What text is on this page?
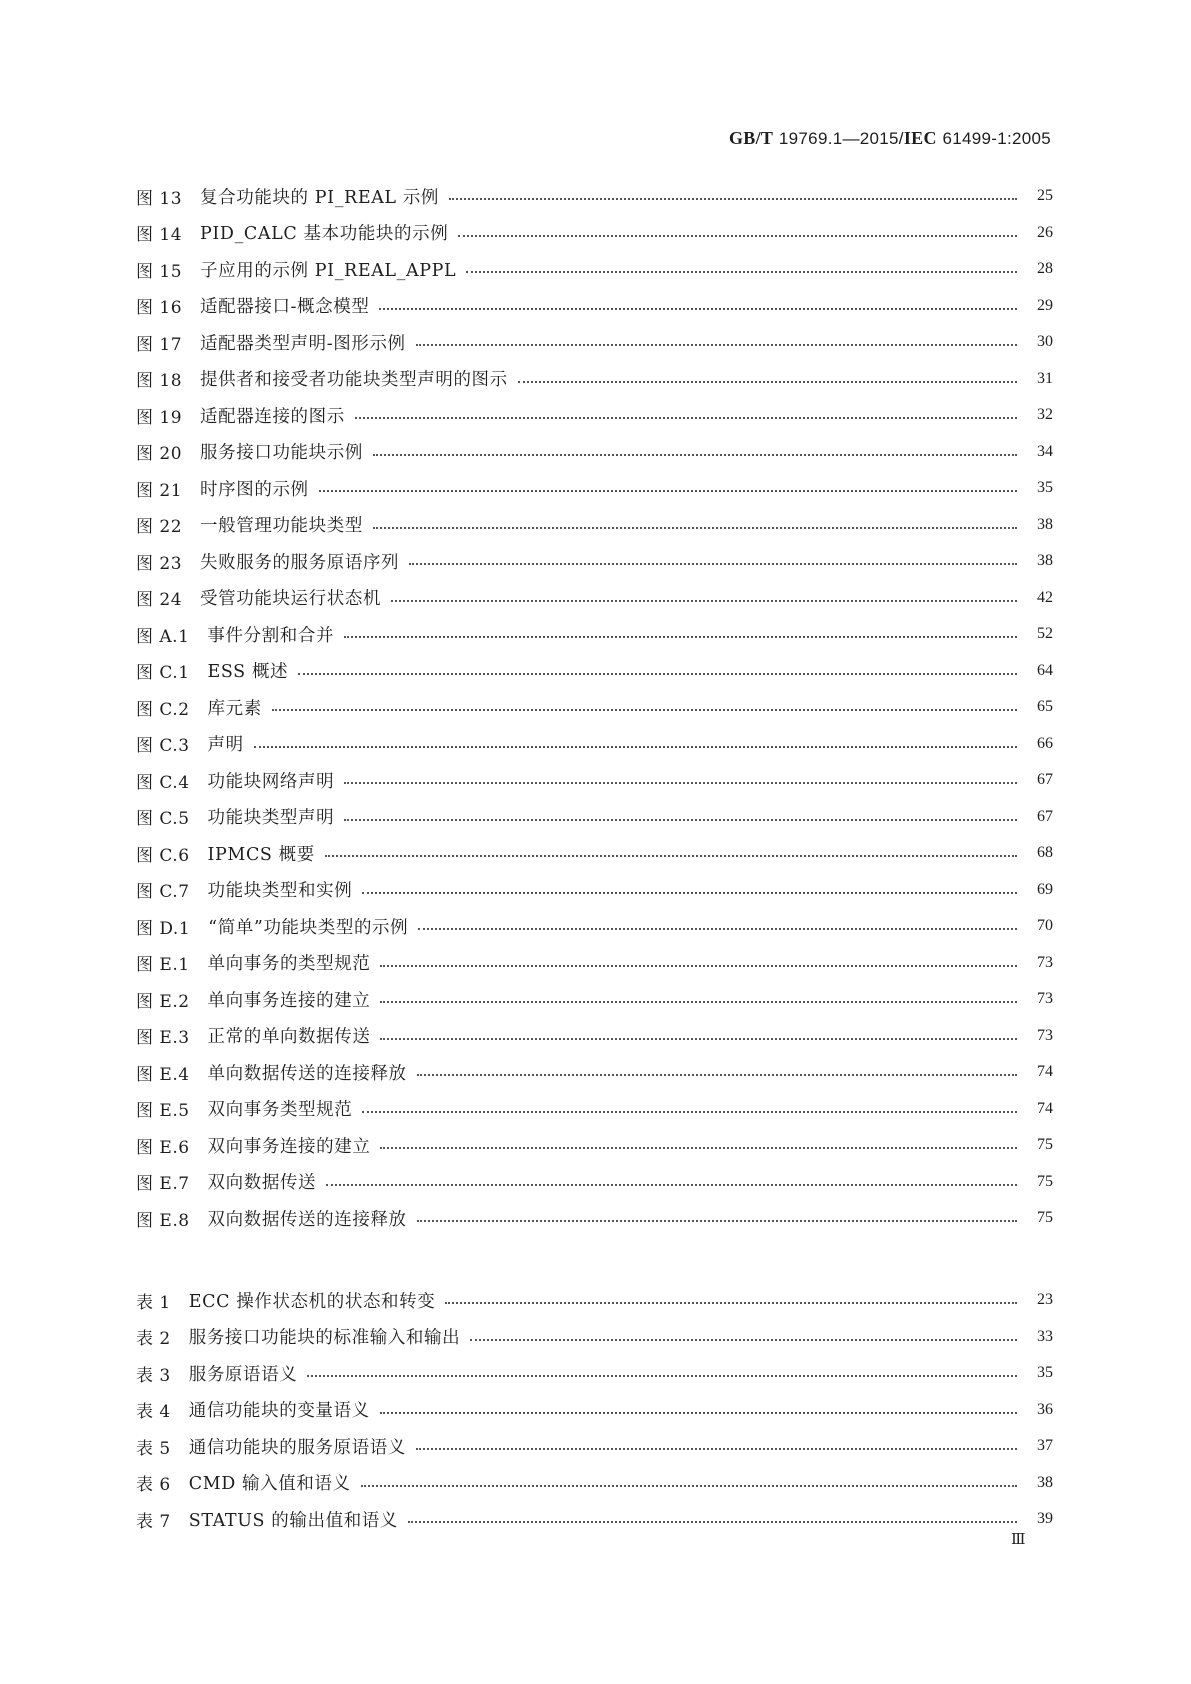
GB/T 19769.1—2015/IEC 61499-1:2005
图 13 复合功能块的 PI_REAL 示例	25
图 14 PID_CALC 基本功能块的示例	26
图 15 子应用的示例 PI_REAL_APPL	28
图 16 适配器接口-概念模型	29
图 17 适配器类型声明-图形示例	30
图 18 提供者和接受者功能块类型声明的图示	31
图 19 适配器连接的图示	32
图 20 服务接口功能块示例	34
图 21 时序图的示例	35
图 22 一般管理功能块类型	38
图 23 失败服务的服务原语序列	38
图 24 受管功能块运行状态机	42
图 A.1 事件分割和合并	52
图 C.1 ESS 概述	64
图 C.2 库元素	65
图 C.3 声明	66
图 C.4 功能块网络声明	67
图 C.5 功能块类型声明	67
图 C.6 IPMCS 概要	68
图 C.7 功能块类型和实例	69
图 D.1 “简单”功能块类型的示例	70
图 E.1 单向事务的类型规范	73
图 E.2 单向事务连接的建立	73
图 E.3 正常的单向数据传送	73
图 E.4 单向数据传送的连接释放	74
图 E.5 双向事务类型规范	74
图 E.6 双向事务连接的建立	75
图 E.7 双向数据传送	75
图 E.8 双向数据传送的连接释放	75
表 1 ECC 操作状态机的状态和转变	23
表 2 服务接口功能块的标准输入和输出	33
表 3 服务原语语义	35
表 4 通信功能块的变量语义	36
表 5 通信功能块的服务原语语义	37
表 6 CMD 输入值和语义	38
表 7 STATUS 的输出值和语义	39
Ⅲ
